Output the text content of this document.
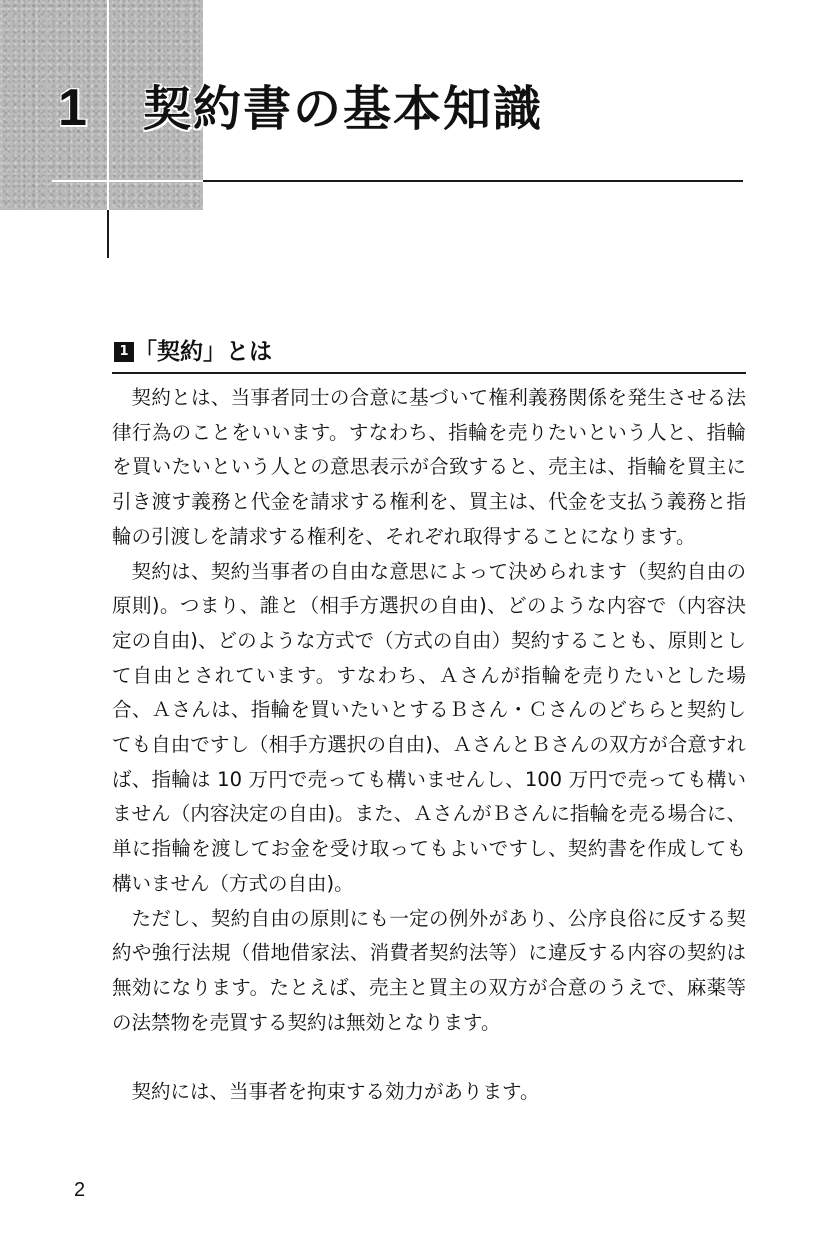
1 契約書の基本知識
1 「契約」とは

契約とは、当事者同士の合意に基づいて権利義務関係を発生させる法律行為のことをいいます。すなわち、指輪を売りたいという人と、指輪を買いたいという人との意思表示が合致すると、売主は、指輪を買主に引き渡す義務と代金を請求する権利を、買主は、代金を支払う義務と指輪の引渡しを請求する権利を、それぞれ取得することになります。

契約は、契約当事者の自由な意思によって決められます（契約自由の原則)。つまり、誰と（相手方選択の自由)、どのような内容で（内容決定の自由)、どのような方式で（方式の自由）契約することも、原則として自由とされています。すなわち、Ａさんが指輪を売りたいとした場合、Ａさんは、指輪を買いたいとするＢさん・Ｃさんのどちらと契約しても自由ですし（相手方選択の自由)、ＡさんとＢさんの双方が合意すれば、指輪は 10 万円で売っても構いませんし、100 万円で売っても構いません（内容決定の自由)。また、ＡさんがＢさんに指輪を売る場合に、単に指輪を渡してお金を受け取ってもよいですし、契約書を作成しても構いません（方式の自由)。

ただし、契約自由の原則にも一定の例外があり、公序良俗に反する契約や強行法規（借地借家法、消費者契約法等）に違反する内容の契約は無効になります。たとえば、売主と買主の双方が合意のうえで、麻薬等の法禁物を売買する契約は無効となります。

契約には、当事者を拘束する効力があります。

2
